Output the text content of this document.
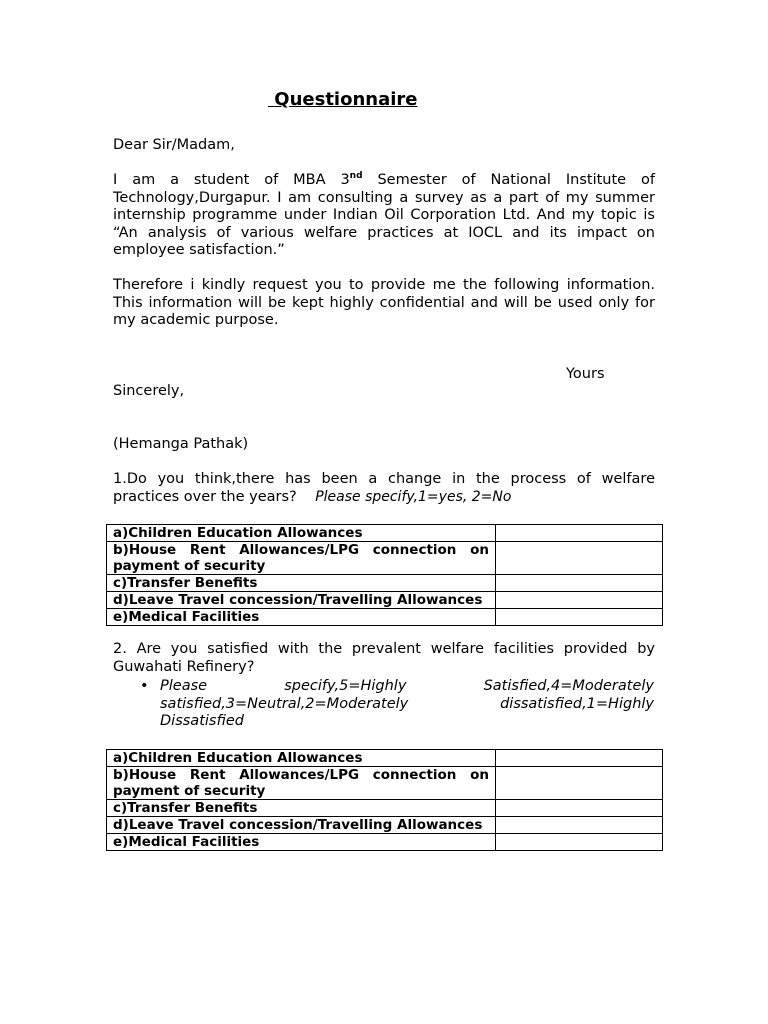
Questionnaire
Dear Sir/Madam,
I am a student of MBA 3nd Semester of National Institute of Technology,Durgapur. I am consulting a survey as a part of my summer internship programme under Indian Oil Corporation Ltd. And my topic is “An analysis of various welfare practices at IOCL and its impact on employee satisfaction.”
Therefore i kindly request you to provide me the following information. This information will be kept highly confidential and will be used only for my academic purpose.
Yours
Sincerely,
(Hemanga Pathak)
1.Do you think,there has been a change in the process of welfare practices over the years? Please specify,1=yes, 2=No
a)Children Education Allowances	
b)House Rent Allowances/LPG connection on payment of security	
c)Transfer Benefits	
d)Leave Travel concession/Travelling Allowances	
e)Medical Facilities	
2. Are you satisfied with the prevalent welfare facilities provided by Guwahati Refinery?
• Please specify,5=Highly Satisfied,4=Moderately satisfied,3=Neutral,2=Moderately dissatisfied,1=Highly Dissatisfied
a)Children Education Allowances	
b)House Rent Allowances/LPG connection on payment of security	
c)Transfer Benefits	
d)Leave Travel concession/Travelling Allowances	
e)Medical Facilities	
